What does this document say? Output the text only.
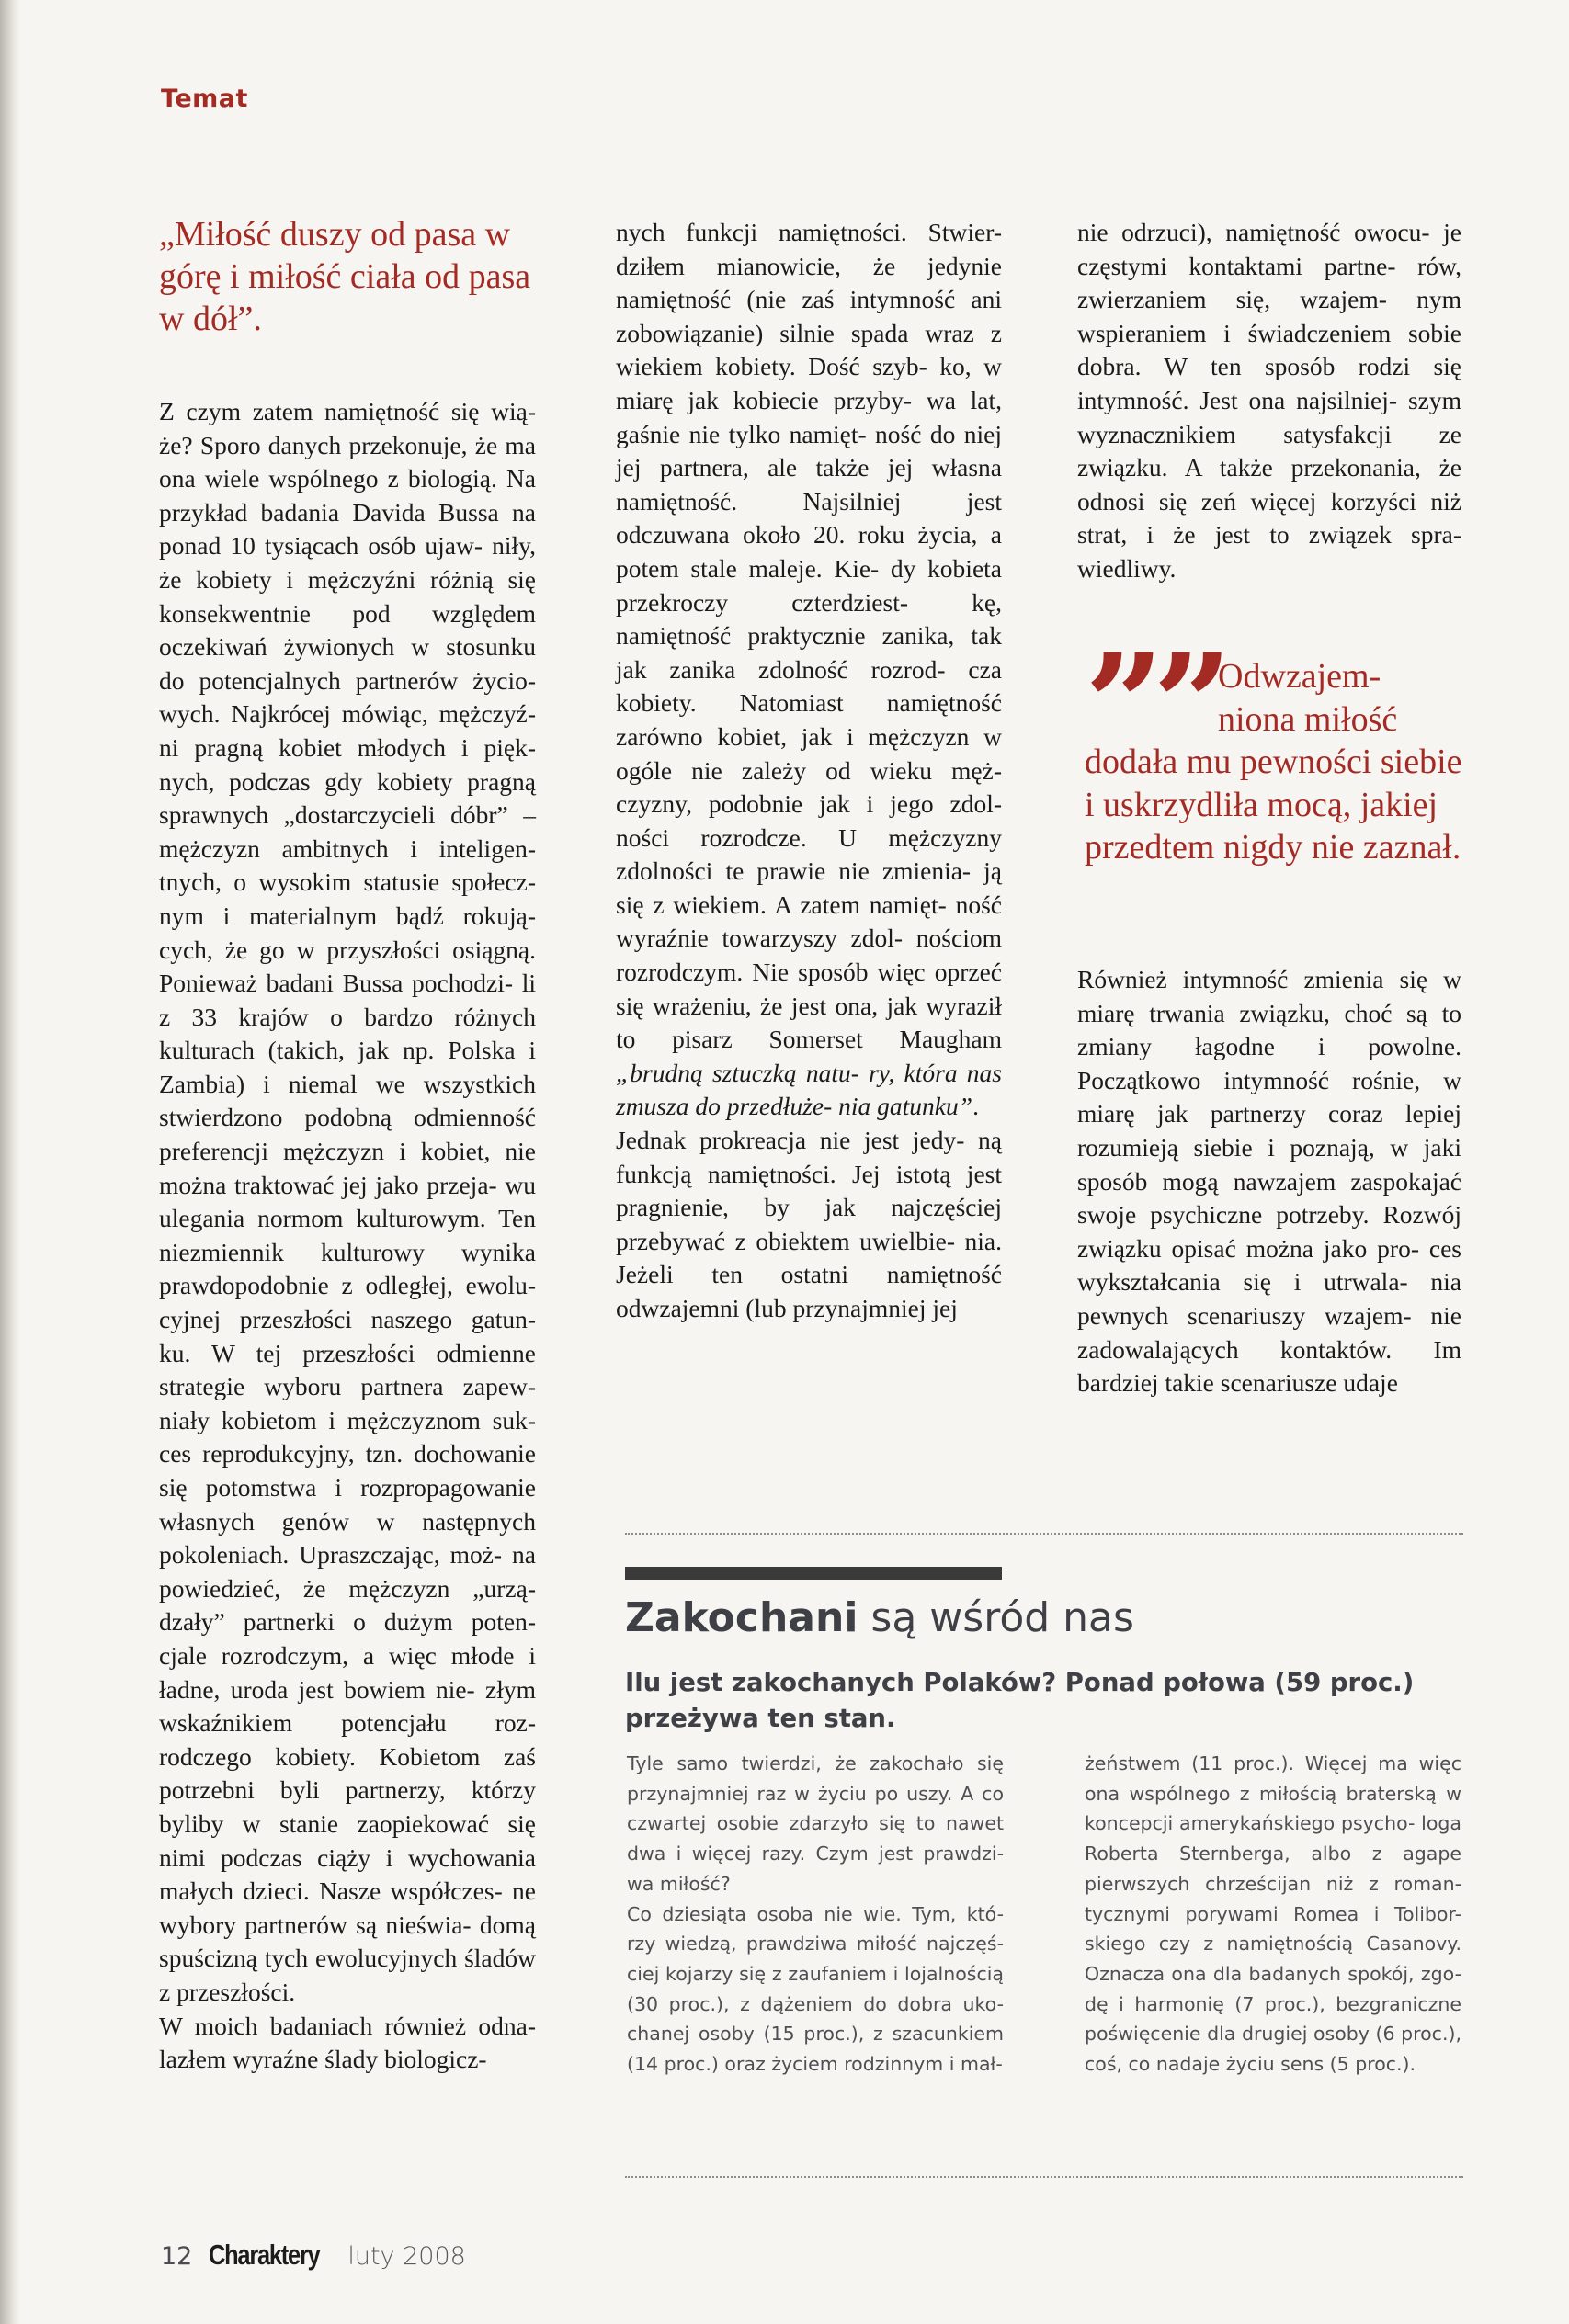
Temat
„Miłość duszy od pasa w górę i miłość ciała od pasa w dół”.

Z czym zatem namiętność się wią- że? Sporo danych przekonuje, że ma ona wiele wspólnego z biologią. Na przykład badania Davida Bussa na ponad 10 tysiącach osób ujaw- niły, że kobiety i mężczyźni różnią się konsekwentnie pod względem oczekiwań żywionych w stosunku do potencjalnych partnerów życio- wych. Najkrócej mówiąc, mężczyź- ni pragną kobiet młodych i pięk- nych, podczas gdy kobiety pragną sprawnych „dostarczycieli dóbr” – mężczyzn ambitnych i inteligen- tnych, o wysokim statusie społecz- nym i materialnym bądź rokują- cych, że go w przyszłości osiągną. Ponieważ badani Bussa pochodzi- li z 33 krajów o bardzo różnych kulturach (takich, jak np. Polska i Zambia) i niemal we wszystkich stwierdzono podobną odmienność preferencji mężczyzn i kobiet, nie można traktować jej jako przeja- wu ulegania normom kulturowym. Ten niezmiennik kulturowy wynika prawdopodobnie z odległej, ewolu- cyjnej przeszłości naszego gatun- ku. W tej przeszłości odmienne strategie wyboru partnera zapew- niały kobietom i mężczyznom suk- ces reprodukcyjny, tzn. dochowanie się potomstwa i rozpropagowanie własnych genów w następnych pokoleniach. Upraszczając, moż- na powiedzieć, że mężczyzn „urzą- dzały” partnerki o dużym poten- cjale rozrodczym, a więc młode i ładne, uroda jest bowiem nie- złym wskaźnikiem potencjału roz- rodczego kobiety. Kobietom zaś potrzebni byli partnerzy, którzy byliby w stanie zaopiekować się nimi podczas ciąży i wychowania małych dzieci. Nasze współczes- ne wybory partnerów są nieświa- domą spuścizną tych ewolucyjnych śladów z przeszłości.

W moich badaniach również odna- lazłem wyraźne ślady biologicz-

nych funkcji namiętności. Stwier- dziłem mianowicie, że jedynie namiętność (nie zaś intymność ani zobowiązanie) silnie spada wraz z wiekiem kobiety. Dość szyb- ko, w miarę jak kobiecie przyby- wa lat, gaśnie nie tylko namięt- ność do niej jej partnera, ale także jej własna namiętność. Najsilniej jest odczuwana około 20. roku życia, a potem stale maleje. Kie- dy kobieta przekroczy czterdziest- kę, namiętność praktycznie zanika, tak jak zanika zdolność rozrod- cza kobiety. Natomiast namiętność zarówno kobiet, jak i mężczyzn w ogóle nie zależy od wieku męż- czyzny, podobnie jak i jego zdol- ności rozrodcze. U mężczyzny zdolności te prawie nie zmienia- ją się z wiekiem. A zatem namięt- ność wyraźnie towarzyszy zdol- nościom rozrodczym. Nie sposób więc oprzeć się wrażeniu, że jest ona, jak wyraził to pisarz Somerset Maugham „brudną sztuczką natu- ry, która nas zmusza do przedłuże- nia gatunku”.

Jednak prokreacja nie jest jedy- ną funkcją namiętności. Jej istotą jest pragnienie, by jak najczęściej przebywać z obiektem uwielbie- nia. Jeżeli ten ostatni namiętność odwzajemni (lub przynajmniej jej

nie odrzuci), namiętność owocu- je częstymi kontaktami partne- rów, zwierzaniem się, wzajem- nym wspieraniem i świadczeniem sobie dobra. W ten sposób rodzi się intymność. Jest ona najsilniej- szym wyznacznikiem satysfakcji ze związku. A także przekonania, że odnosi się zeń więcej korzyści niż strat, i że jest to związek spra- wiedliwy.

””
Odwzajem-
niona miłość
dodała mu pewności siebie i uskrzydliła mocą, jakiej przedtem nigdy nie zaznał.

Również intymność zmienia się w miarę trwania związku, choć są to zmiany łagodne i powolne. Początkowo intymność rośnie, w miarę jak partnerzy coraz lepiej rozumieją siebie i poznają, w jaki sposób mogą nawzajem zaspokajać swoje psychiczne potrzeby. Rozwój związku opisać można jako pro- ces wykształcania się i utrwala- nia pewnych scenariuszy wzajem- nie zadowalających kontaktów. Im bardziej takie scenariusze udaje

Zakochani są wśród nas
Ilu jest zakochanych Polaków? Ponad połowa (59 proc.) przeżywa ten stan.

Tyle samo twierdzi, że zakochało się przynajmniej raz w życiu po uszy. A co czwartej osobie zdarzyło się to nawet dwa i więcej razy. Czym jest prawdzi- wa miłość?

Co dziesiąta osoba nie wie. Tym, któ- rzy wiedzą, prawdziwa miłość najczęś- ciej kojarzy się z zaufaniem i lojalnością (30 proc.), z dążeniem do dobra uko- chanej osoby (15 proc.), z szacunkiem (14 proc.) oraz życiem rodzinnym i mał-

żeństwem (11 proc.). Więcej ma więc ona wspólnego z miłością braterską w koncepcji amerykańskiego psycho- loga Roberta Sternberga, albo z agape pierwszych chrześcijan niż z roman- tycznymi porywami Romea i Tolibor- skiego czy z namiętnością Casanovy. Oznacza ona dla badanych spokój, zgo- dę i harmonię (7 proc.), bezgraniczne poświęcenie dla drugiej osoby (6 proc.), coś, co nadaje życiu sens (5 proc.).

12 Charaktery luty 2008
